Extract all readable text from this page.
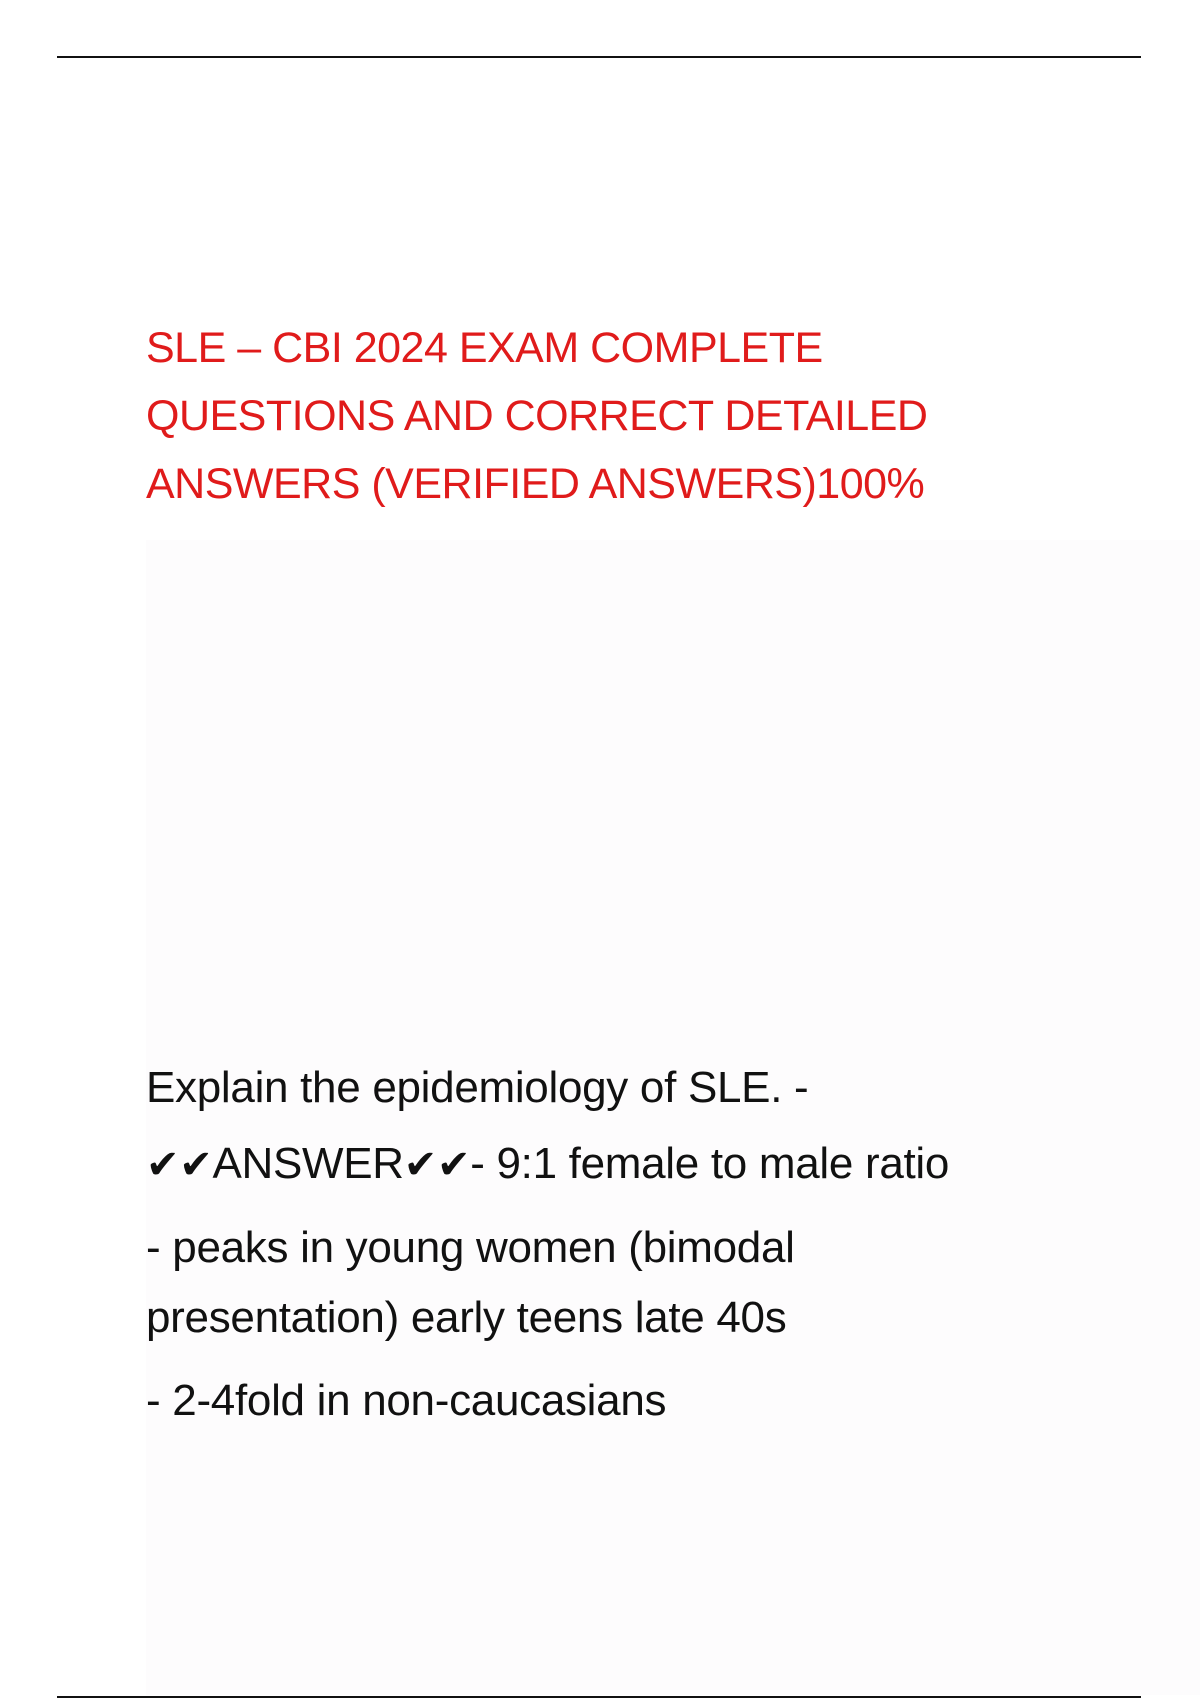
SLE – CBI 2024 EXAM COMPLETE
QUESTIONS AND CORRECT DETAILED
ANSWERS (VERIFIED ANSWERS)100%
Explain the epidemiology of SLE. -
✔✔ANSWER✔✔- 9:1 female to male ratio
- peaks in young women (bimodal
presentation) early teens late 40s
- 2-4fold in non-caucasians
